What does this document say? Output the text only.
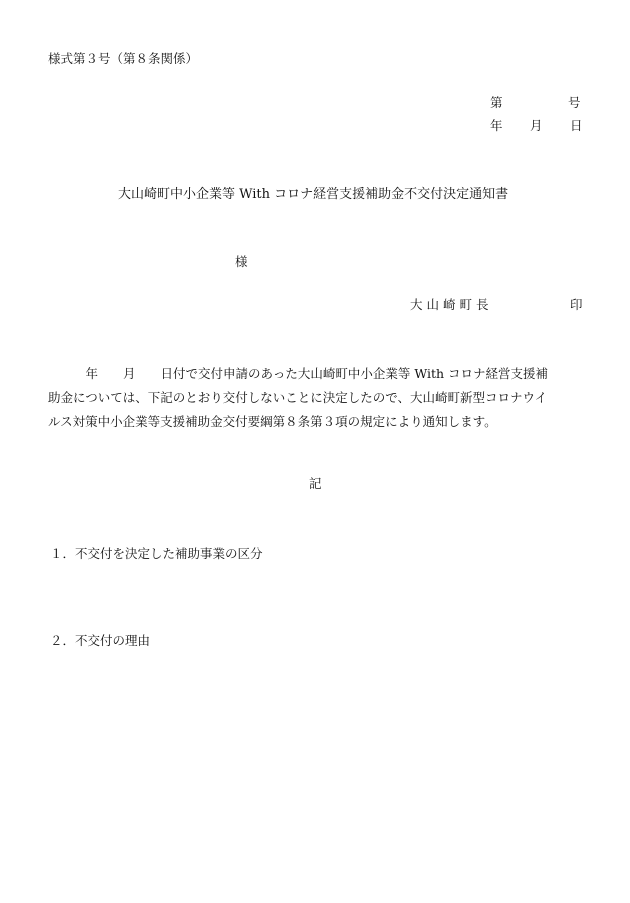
様式第３号（第８条関係）
第	号
年 月 日
大山崎町中小企業等 With コロナ経営支援補助金不交付決定通知書
様
大山崎町長	印
　　　年　　月　　日付で交付申請のあった大山崎町中小企業等 With コロナ経営支援補
助金については、下記のとおり交付しないことに決定したので、大山崎町新型コロナウイ
ルス対策中小企業等支援補助金交付要綱第８条第３項の規定により通知します。
記
１．不交付を決定した補助事業の区分
２．不交付の理由
